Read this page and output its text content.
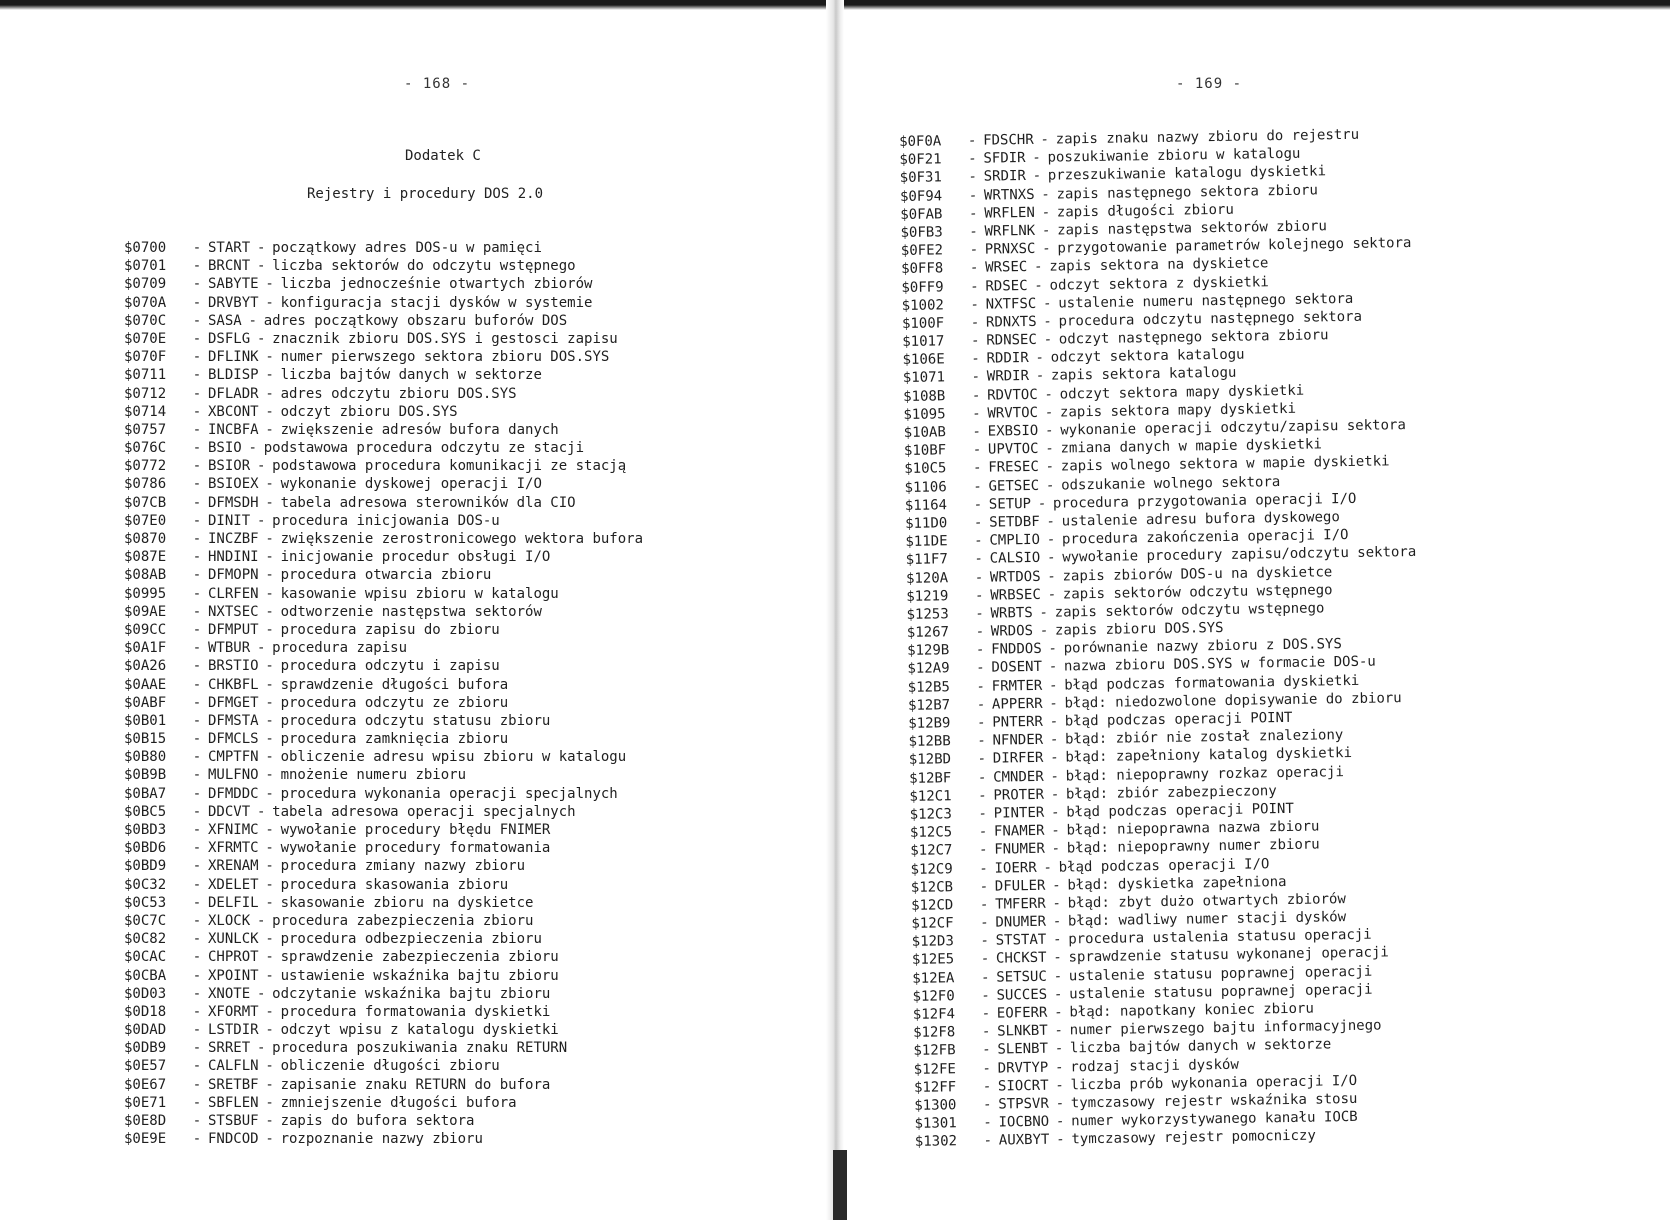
- 168 -
Dodatek C
Rejestry i procedury DOS 2.0
$0700 - START - początkowy adres DOS-u w pamięci
$0701 - BRCNT - liczba sektorów do odczytu wstępnego
$0709 - SABYTE - liczba jednocześnie otwartych zbiorów
$070A - DRVBYT - konfiguracja stacji dysków w systemie
$070C - SASA - adres początkowy obszaru buforów DOS
$070E - DSFLG - znacznik zbioru DOS.SYS i gestosci zapisu
$070F - DFLINK - numer pierwszego sektora zbioru DOS.SYS
$0711 - BLDISP - liczba bajtów danych w sektorze
$0712 - DFLADR - adres odczytu zbioru DOS.SYS
$0714 - XBCONT - odczyt zbioru DOS.SYS
$0757 - INCBFA - zwiększenie adresów bufora danych
$076C - BSIO - podstawowa procedura odczytu ze stacji
$0772 - BSIOR - podstawowa procedura komunikacji ze stacją
$0786 - BSIOEX - wykonanie dyskowej operacji I/O
$07CB - DFMSDH - tabela adresowa sterowników dla CIO
$07E0 - DINIT - procedura inicjowania DOS-u
$0870 - INCZBF - zwiększenie zerostronicowego wektora bufora
$087E - HNDINI - inicjowanie procedur obsługi I/O
$08AB - DFMOPN - procedura otwarcia zbioru
$0995 - CLRFEN - kasowanie wpisu zbioru w katalogu
$09AE - NXTSEC - odtworzenie następstwa sektorów
$09CC - DFMPUT - procedura zapisu do zbioru
$0A1F - WTBUR - procedura zapisu
$0A26 - BRSTIO - procedura odczytu i zapisu
$0AAE - CHKBFL - sprawdzenie długości bufora
$0ABF - DFMGET - procedura odczytu ze zbioru
$0B01 - DFMSTA - procedura odczytu statusu zbioru
$0B15 - DFMCLS - procedura zamknięcia zbioru
$0B80 - CMPTFN - obliczenie adresu wpisu zbioru w katalogu
$0B9B - MULFNO - mnożenie numeru zbioru
$0BA7 - DFMDDC - procedura wykonania operacji specjalnych
$0BC5 - DDCVT - tabela adresowa operacji specjalnych
$0BD3 - XFNIMC - wywołanie procedury błędu FNIMER
$0BD6 - XFRMTC - wywołanie procedury formatowania
$0BD9 - XRENAM - procedura zmiany nazwy zbioru
$0C32 - XDELET - procedura skasowania zbioru
$0C53 - DELFIL - skasowanie zbioru na dyskietce
$0C7C - XLOCK - procedura zabezpieczenia zbioru
$0C82 - XUNLCK - procedura odbezpieczenia zbioru
$0CAC - CHPROT - sprawdzenie zabezpieczenia zbioru
$0CBA - XPOINT - ustawienie wskaźnika bajtu zbioru
$0D03 - XNOTE - odczytanie wskaźnika bajtu zbioru
$0D18 - XFORMT - procedura formatowania dyskietki
$0DAD - LSTDIR - odczyt wpisu z katalogu dyskietki
$0DB9 - SRRET - procedura poszukiwania znaku RETURN
$0E57 - CALFLN - obliczenie długości zbioru
$0E67 - SRETBF - zapisanie znaku RETURN do bufora
$0E71 - SBFLEN - zmniejszenie długości bufora
$0E8D - STSBUF - zapis do bufora sektora
$0E9E - FNDCOD - rozpoznanie nazwy zbioru
- 169 -
$0F0A - FDSCHR - zapis znaku nazwy zbioru do rejestru
$0F21 - SFDIR - poszukiwanie zbioru w katalogu
$0F31 - SRDIR - przeszukiwanie katalogu dyskietki
$0F94 - WRTNXS - zapis następnego sektora zbioru
$0FAB - WRFLEN - zapis długości zbioru
$0FB3 - WRFLNK - zapis następstwa sektorów zbioru
$0FE2 - PRNXSC - przygotowanie parametrów kolejnego sektora
$0FF8 - WRSEC - zapis sektora na dyskietce
$0FF9 - RDSEC - odczyt sektora z dyskietki
$1002 - NXTFSC - ustalenie numeru następnego sektora
$100F - RDNXTS - procedura odczytu następnego sektora
$1017 - RDNSEC - odczyt następnego sektora zbioru
$106E - RDDIR - odczyt sektora katalogu
$1071 - WRDIR - zapis sektora katalogu
$108B - RDVTOC - odczyt sektora mapy dyskietki
$1095 - WRVTOC - zapis sektora mapy dyskietki
$10AB - EXBSIO - wykonanie operacji odczytu/zapisu sektora
$10BF - UPVTOC - zmiana danych w mapie dyskietki
$10C5 - FRESEC - zapis wolnego sektora w mapie dyskietki
$1106 - GETSEC - odszukanie wolnego sektora
$1164 - SETUP - procedura przygotowania operacji I/O
$11D0 - SETDBF - ustalenie adresu bufora dyskowego
$11DE - CMPLIO - procedura zakończenia operacji I/O
$11F7 - CALSIO - wywołanie procedury zapisu/odczytu sektora
$120A - WRTDOS - zapis zbiorów DOS-u na dyskietce
$1219 - WRBSEC - zapis sektorów odczytu wstępnego
$1253 - WRBTS - zapis sektorów odczytu wstępnego
$1267 - WRDOS - zapis zbioru DOS.SYS
$129B - FNDDOS - porównanie nazwy zbioru z DOS.SYS
$12A9 - DOSENT - nazwa zbioru DOS.SYS w formacie DOS-u
$12B5 - FRMTER - błąd podczas formatowania dyskietki
$12B7 - APPERR - błąd: niedozwolone dopisywanie do zbioru
$12B9 - PNTERR - błąd podczas operacji POINT
$12BB - NFNDER - błąd: zbiór nie został znaleziony
$12BD - DIRFER - błąd: zapełniony katalog dyskietki
$12BF - CMNDER - błąd: niepoprawny rozkaz operacji
$12C1 - PROTER - błąd: zbiór zabezpieczony
$12C3 - PINTER - błąd podczas operacji POINT
$12C5 - FNAMER - błąd: niepoprawna nazwa zbioru
$12C7 - FNUMER - błąd: niepoprawny numer zbioru
$12C9 - IOERR - błąd podczas operacji I/O
$12CB - DFULER - błąd: dyskietka zapełniona
$12CD - TMFERR - błąd: zbyt dużo otwartych zbiorów
$12CF - DNUMER - błąd: wadliwy numer stacji dysków
$12D3 - STSTAT - procedura ustalenia statusu operacji
$12E5 - CHCKST - sprawdzenie statusu wykonanej operacji
$12EA - SETSUC - ustalenie statusu poprawnej operacji
$12F0 - SUCCES - ustalenie statusu poprawnej operacji
$12F4 - EOFERR - błąd: napotkany koniec zbioru
$12F8 - SLNKBT - numer pierwszego bajtu informacyjnego
$12FB - SLENBT - liczba bajtów danych w sektorze
$12FE - DRVTYP - rodzaj stacji dysków
$12FF - SIOCRT - liczba prób wykonania operacji I/O
$1300 - STPSVR - tymczasowy rejestr wskaźnika stosu
$1301 - IOCBNO - numer wykorzystywanego kanału IOCB
$1302 - AUXBYT - tymczasowy rejestr pomocniczy
